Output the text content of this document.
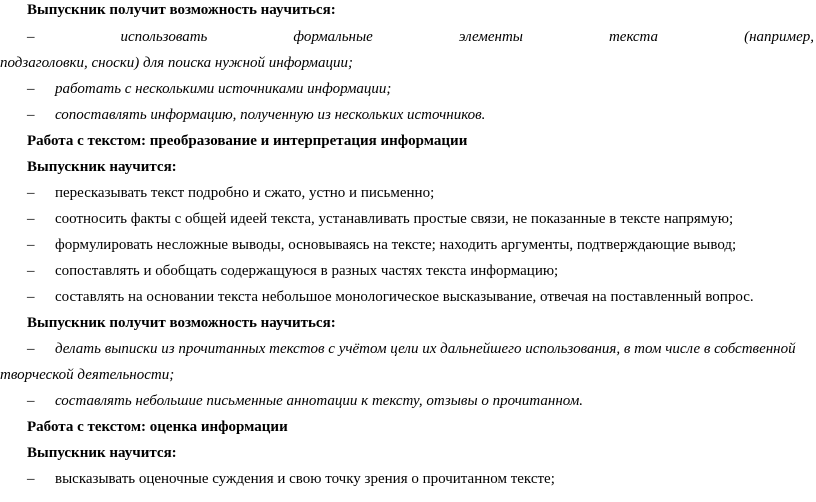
Выпускник получит возможность научиться:
–	использовать	формальные	элементы	текста	(например,
подзаголовки, сноски) для поиска нужной информации;
– работать с несколькими источниками информации;
– сопоставлять информацию, полученную из нескольких источников.
Работа с текстом: преобразование и интерпретация информации
Выпускник научится:
– пересказывать текст подробно и сжато, устно и письменно;
– соотносить факты с общей идеей текста, устанавливать простые связи, не показанные в тексте напрямую;
– формулировать несложные выводы, основываясь на тексте; находить аргументы, подтверждающие вывод;
– сопоставлять и обобщать содержащуюся в разных частях текста информацию;
– составлять на основании текста небольшое монологическое высказывание, отвечая на поставленный вопрос.
Выпускник получит возможность научиться:
– делать выписки из прочитанных текстов с учётом цели их дальнейшего использования, в том числе в собственной
творческой деятельности;
– составлять небольшие письменные аннотации к тексту, отзывы о прочитанном.
Работа с текстом: оценка информации
Выпускник научится:
– высказывать оценочные суждения и свою точку зрения о прочитанном тексте;
